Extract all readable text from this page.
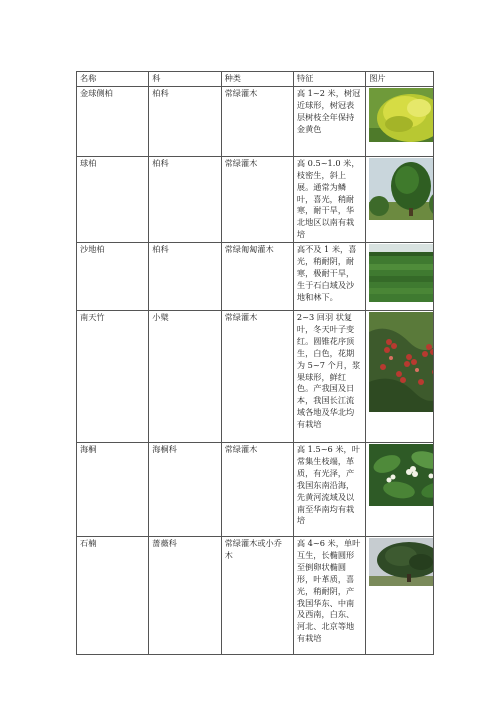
名称	科	种类	特征	图片
金球侧柏	柏科	常绿灌木	高 1~2 米，树冠近球形，树冠表层树枝全年保持金黄色	

球柏	柏科	常绿灌木	高 0.5~1.0 米，枝密生，斜上展。通常为鳞叶，喜光，稍耐寒，耐干旱，华北地区以南有栽培	

沙地柏	柏科	常绿匍匐灌木	高不及 1 米，喜光，稍耐阴，耐寒，极耐干旱，生于石白域及沙地和林下。	

南天竹	小檗	常绿灌木	2~3 回羽 状复叶，冬天叶子变红。圆锥花序顶生，白色，花期为 5~7 个月，浆果球形，鲜红色。产我国及日本，我国长江流域各地及华北均有栽培	

海桐	海桐科	常绿灌木	高 1.5~6 米，叶常集生枝端，革质，有光泽，产我国东南沿海，先黄河流域及以南至华南均有栽培	

石楠	蔷薇科	常绿灌木或小乔木	高 4~6 米，单叶互生，长椭圆形至倒卵状椭圆形，叶革质，喜光，稍耐阴，产我国华东、中南及西南，白东、河北、北京等地有栽培	
